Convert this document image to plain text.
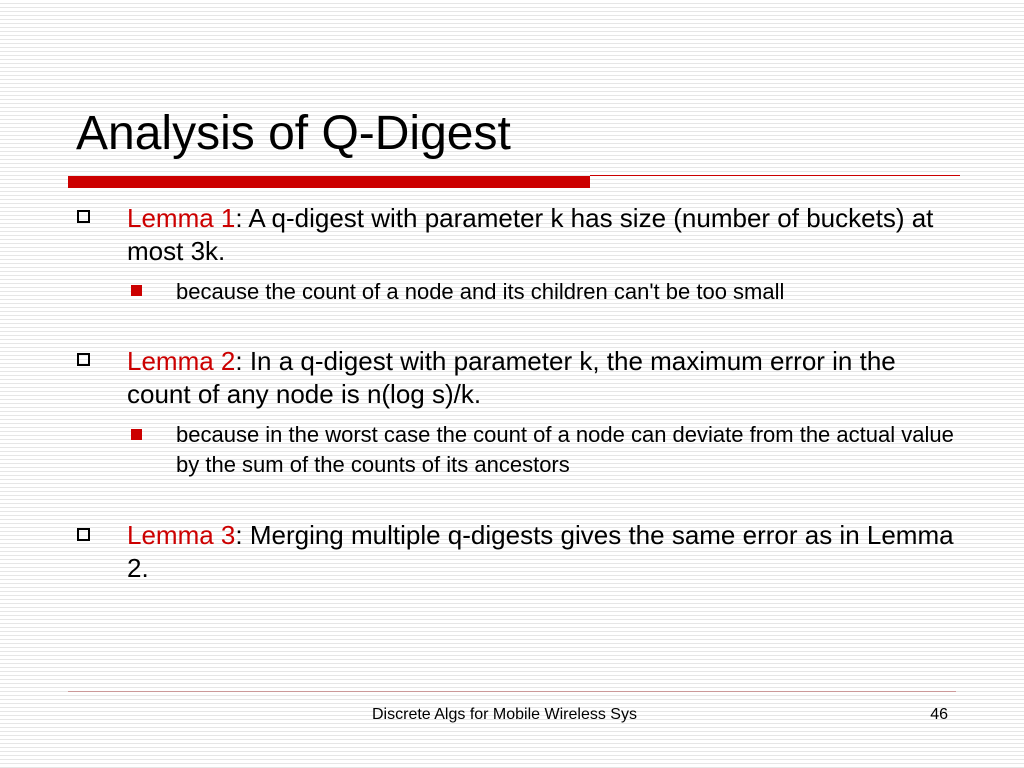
Analysis of Q-Digest
Lemma 1: A q-digest with parameter k has size (number of buckets) at most 3k.
because the count of a node and its children can't be too small
Lemma 2: In a q-digest with parameter k, the maximum error in the count of any node is n(log s)/k.
because in the worst case the count of a node can deviate from the actual value by the sum of the counts of its ancestors
Lemma 3: Merging multiple q-digests gives the same error as in Lemma 2.
Discrete Algs for Mobile Wireless Sys	46
